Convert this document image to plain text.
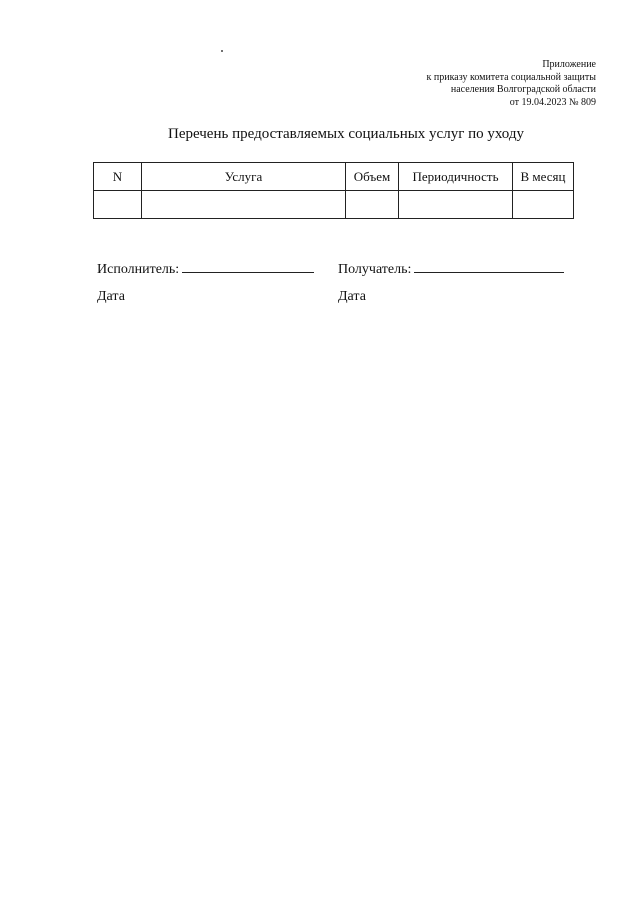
Приложение
к приказу комитета социальной защиты
населения Волгоградской области
от 19.04.2023 № 809
Перечень предоставляемых социальных услуг по уходу
N	Услуга	Объем	Периодичность	В месяц

Исполнитель:	Получатель:
Дата	Дата
